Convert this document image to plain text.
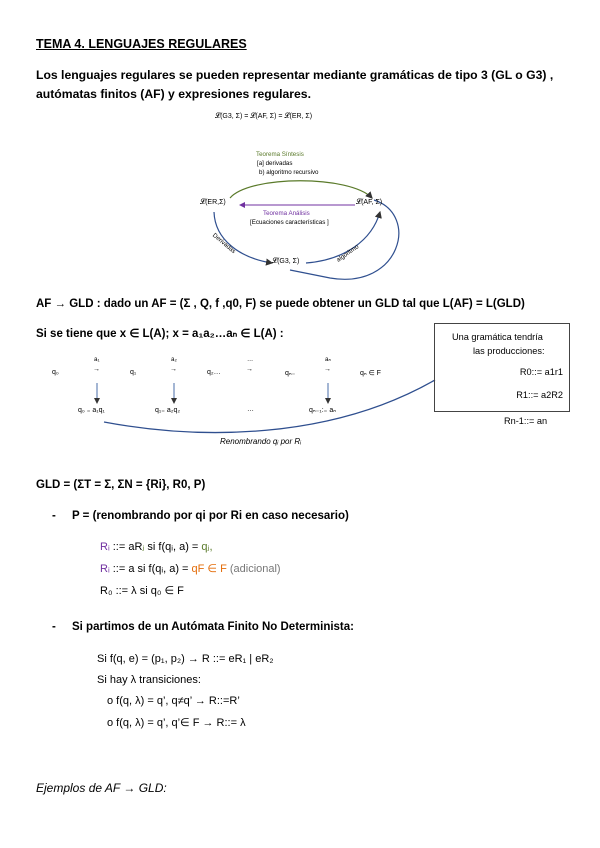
TEMA 4. LENGUAJES REGULARES
Los lenguajes regulares se pueden representar mediante gramáticas de tipo 3 (GL o G3) , autómatas finitos (AF) y expresiones regulares.
𝓛(G3, Σ) = 𝓛(AF, Σ) = 𝓛(ER, Σ)
Teorema Síntesis
[a] derivadas
b) algoritmo recursivo
𝓛(ER,Σ)	𝓛(AF, Σ)
𝓛(G3, Σ)
Teorema Análisis
[Ecuaciones características ]
Derivadas	algoritmo
AF → GLD : dado un AF = (Σ , Q, f ,q0, F) se puede obtener un GLD tal que L(AF) = L(GLD)
Si se tiene que x ∈ L(A); x = a₁a₂…aₙ ∈ L(A) :
a₁	a₂	…	aₙ
q₀	→	q₁	→	q₂…	→
qₙ₋
→
qₙ ∈ F
q₀ ₌ a₁q₁	q₁₌ a₂q₂	…	qₙ₋₁:₌ aₙ
Renombrando qᵢ por Rᵢ
Una gramática tendría
las producciones:
R0::= a1r1
R1::= a2R2
Rn-1::= an
GLD = (ΣT = Σ, ΣN = {Ri}, R0, P)
- P = (renombrando por qi por Ri en caso necesario)
Rᵢ ::= aRⱼ si f(qᵢ, a) = qⱼ,
Rᵢ ::= a si f(qᵢ, a) = qF ∈ F (adicional)
R₀ ::= λ si q₀ ∈ F
- Si partimos de un Autómata Finito No Determinista:
Si f(q, e) = (p₁, p₂) → R ::= eR₁ | eR₂
Si hay λ transiciones:
o f(q, λ) = q’, q≠q’ → R::=R’
o f(q, λ) = q’, q’∈ F → R::= λ
Ejemplos de AF → GLD:
